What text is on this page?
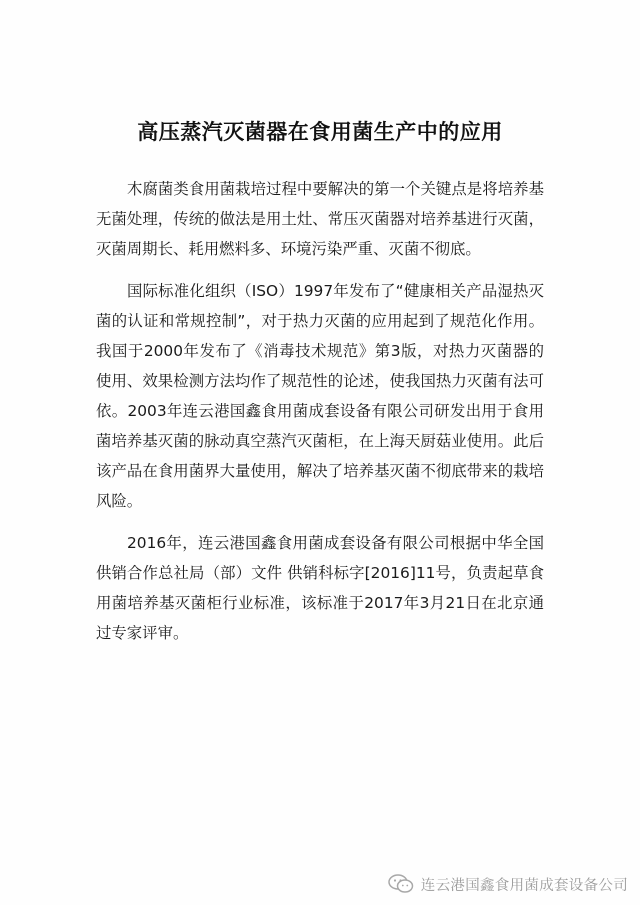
高压蒸汽灭菌器在食用菌生产中的应用

木腐菌类食用菌栽培过程中要解决的第一个关键点是将培养基无菌处理，传统的做法是用土灶、常压灭菌器对培养基进行灭菌，灭菌周期长、耗用燃料多、环境污染严重、灭菌不彻底。

国际标准化组织（ISO）1997年发布了“健康相关产品湿热灭菌的认证和常规控制”，对于热力灭菌的应用起到了规范化作用。我国于2000年发布了《消毒技术规范》第3版，对热力灭菌器的使用、效果检测方法均作了规范性的论述，使我国热力灭菌有法可依。2003年连云港国鑫食用菌成套设备有限公司研发出用于食用菌培养基灭菌的脉动真空蒸汽灭菌柜，在上海天厨菇业使用。此后该产品在食用菌界大量使用，解决了培养基灭菌不彻底带来的栽培风险。

2016年，连云港国鑫食用菌成套设备有限公司根据中华全国供销合作总社局（部）文件 供销科标字[2016]11号，负责起草食用菌培养基灭菌柜行业标准，该标准于2017年3月21日在北京通过专家评审。

连云港国鑫食用菌成套设备公司
